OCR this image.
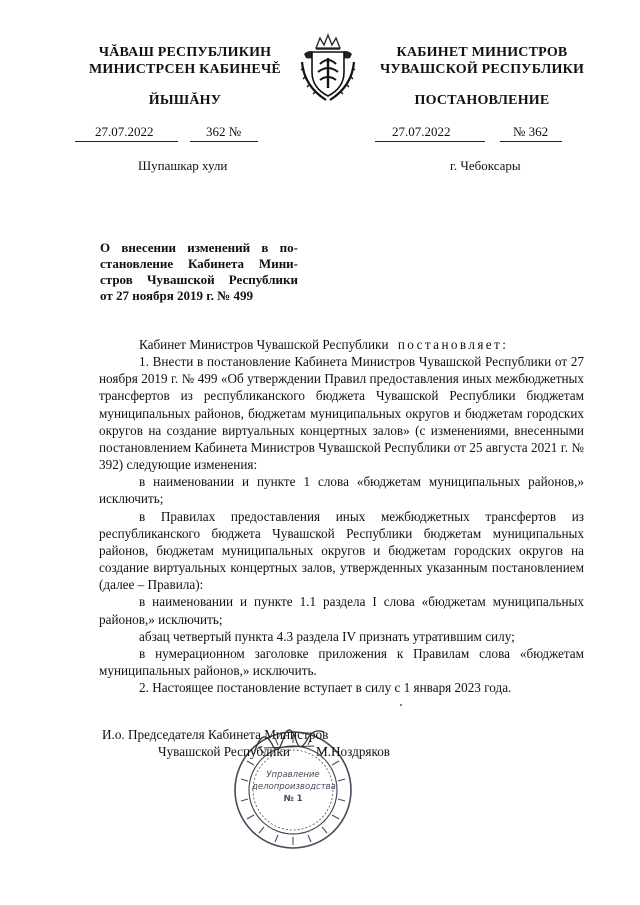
ЧĂВАШ РЕСПУБЛИКИН
МИНИСТРСЕН КАБИНЕЧĚ
ЙЫШĂНУ
КАБИНЕТ МИНИСТРОВ
ЧУВАШСКОЙ РЕСПУБЛИКИ
ПОСТАНОВЛЕНИЕ
27.07.2022	362 №
Шупашкар хули
27.07.2022	№ 362
г. Чебоксары
О внесении изменений в по-
становление Кабинета Мини-
стров Чувашской Республики
от 27 ноября 2019 г. № 499

Кабинет Министров Чувашской Республики постановляет:

1. Внести в постановление Кабинета Министров Чувашской Республики от 27 ноября 2019 г. № 499 «Об утверждении Правил предоставления иных межбюджетных трансфертов из республиканского бюджета Чувашской Республики бюджетам муниципальных районов, бюджетам муниципальных округов и бюджетам городских округов на создание виртуальных концертных залов» (с изменениями, внесенными постановлением Кабинета Министров Чувашской Республики от 25 августа 2021 г. № 392) следующие изменения:

в наименовании и пункте 1 слова «бюджетам муниципальных районов,» исключить;

в Правилах предоставления иных межбюджетных трансфертов из республиканского бюджета Чувашской Республики бюджетам муниципальных районов, бюджетам муниципальных округов и бюджетам городских округов на создание виртуальных концертных залов, утвержденных указанным постановлением (далее – Правила):

в наименовании и пункте 1.1 раздела I слова «бюджетам муниципальных районов,» исключить;

абзац четвертый пункта 4.3 раздела IV признать утратившим силу;

в нумерационном заголовке приложения к Правилам слова «бюджетам муниципальных районов,» исключить.

2. Настоящее постановление вступает в силу с 1 января 2023 года.

Управление
делопроизводства
№ 1
И.о. Председателя Кабинета Министров
Чувашской Республики М.Ноздряков
